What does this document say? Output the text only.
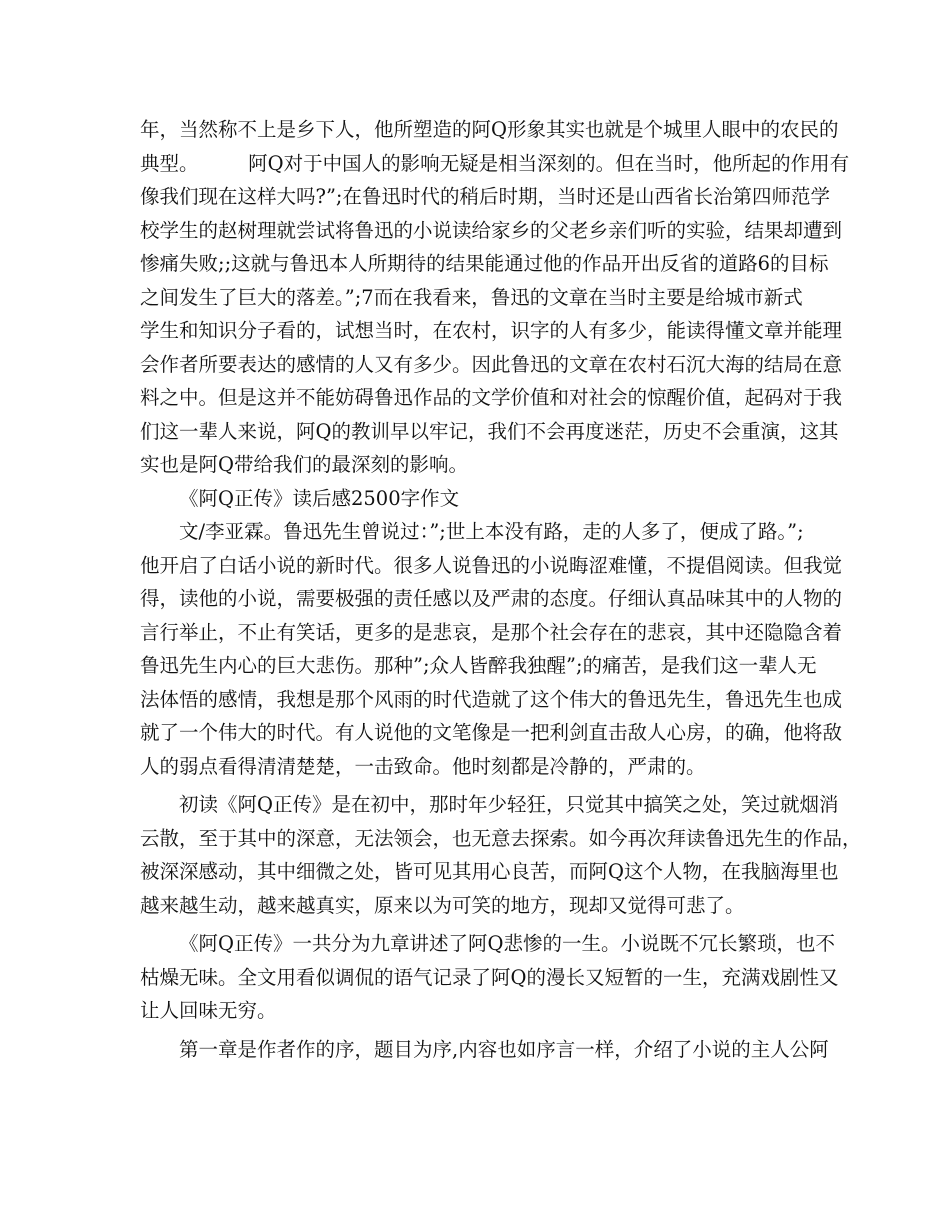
年，当然称不上是乡下人，他所塑造的阿Q形象其实也就是个城里人眼中的农民的
典型。        阿Q对于中国人的影响无疑是相当深刻的。但在当时，他所起的作用有
像我们现在这样大吗?”;在鲁迅时代的稍后时期，当时还是山西省长治第四师范学
校学生的赵树理就尝试将鲁迅的小说读给家乡的父老乡亲们听的实验，结果却遭到
惨痛失败;;这就与鲁迅本人所期待的结果能通过他的作品开出反省的道路6的目标
之间发生了巨大的落差。”;7而在我看来，鲁迅的文章在当时主要是给城市新式
学生和知识分子看的，试想当时，在农村，识字的人有多少，能读得懂文章并能理
会作者所要表达的感情的人又有多少。因此鲁迅的文章在农村石沉大海的结局在意
料之中。但是这并不能妨碍鲁迅作品的文学价值和对社会的惊醒价值，起码对于我
们这一辈人来说，阿Q的教训早以牢记，我们不会再度迷茫，历史不会重演，这其
实也是阿Q带给我们的最深刻的影响。
《阿Q正传》读后感2500字作文
文/李亚霖。鲁迅先生曾说过：”;世上本没有路，走的人多了，便成了路。”;
他开启了白话小说的新时代。很多人说鲁迅的小说晦涩难懂，不提倡阅读。但我觉
得，读他的小说，需要极强的责任感以及严肃的态度。仔细认真品味其中的人物的
言行举止，不止有笑话，更多的是悲哀，是那个社会存在的悲哀，其中还隐隐含着
鲁迅先生内心的巨大悲伤。那种”;众人皆醉我独醒”;的痛苦，是我们这一辈人无
法体悟的感情，我想是那个风雨的时代造就了这个伟大的鲁迅先生，鲁迅先生也成
就了一个伟大的时代。有人说他的文笔像是一把利剑直击敌人心房，的确，他将敌
人的弱点看得清清楚楚，一击致命。他时刻都是冷静的，严肃的。
初读《阿Q正传》是在初中，那时年少轻狂，只觉其中搞笑之处，笑过就烟消
云散，至于其中的深意，无法领会，也无意去探索。如今再次拜读鲁迅先生的作品，
被深深感动，其中细微之处，皆可见其用心良苦，而阿Q这个人物，在我脑海里也
越来越生动，越来越真实，原来以为可笑的地方，现却又觉得可悲了。
《阿Q正传》一共分为九章讲述了阿Q悲惨的一生。小说既不冗长繁琐，也不
枯燥无味。全文用看似调侃的语气记录了阿Q的漫长又短暂的一生，充满戏剧性又
让人回味无穷。
第一章是作者作的序，题目为序,内容也如序言一样，介绍了小说的主人公阿
